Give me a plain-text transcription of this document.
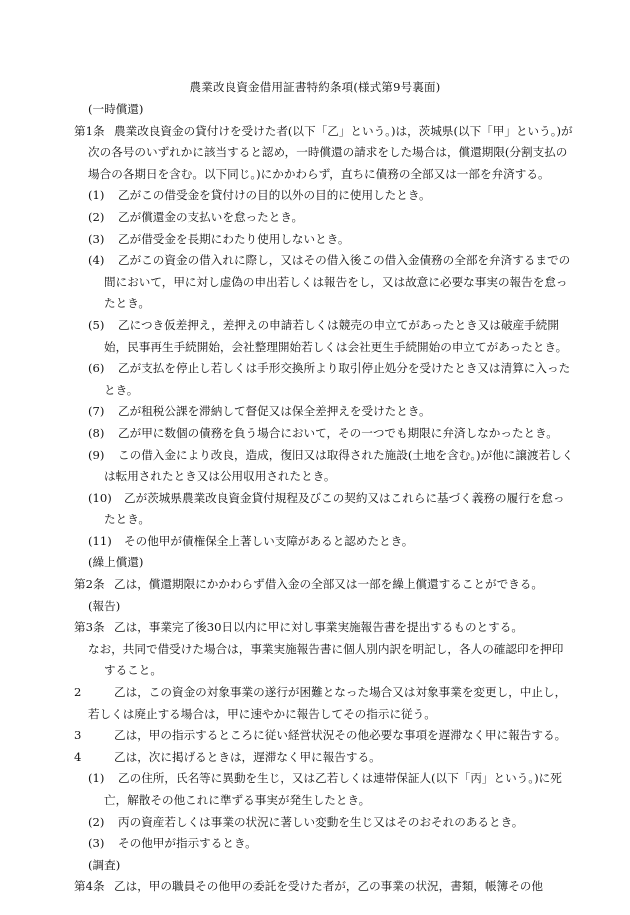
農業改良資金借用証書特約条項(様式第9号裏面)

(一時償還)

第1条 農業改良資金の貸付けを受けた者(以下「乙」という。)は，茨城県(以下「甲」という。)が次の各号のいずれかに該当すると認め，一時償還の請求をした場合は，償還期限(分割支払の場合の各期日を含む。以下同じ。)にかかわらず，直ちに債務の全部又は一部を弁済する。

(1) 乙がこの借受金を貸付けの目的以外の目的に使用したとき。

(2) 乙が償還金の支払いを怠ったとき。

(3) 乙が借受金を長期にわたり使用しないとき。

(4) 乙がこの資金の借入れに際し，又はその借入後この借入金債務の全部を弁済するまでの間において，甲に対し虚偽の申出若しくは報告をし，又は故意に必要な事実の報告を怠ったとき。

(5) 乙につき仮差押え，差押えの申請若しくは競売の申立てがあったとき又は破産手続開始，民事再生手続開始，会社整理開始若しくは会社更生手続開始の申立てがあったとき。

(6) 乙が支払を停止し若しくは手形交換所より取引停止処分を受けたとき又は清算に入ったとき。

(7) 乙が租税公課を滞納して督促又は保全差押えを受けたとき。

(8) 乙が甲に数個の債務を負う場合において，その一つでも期限に弁済しなかったとき。

(9) この借入金により改良，造成，復旧又は取得された施設(土地を含む。)が他に譲渡若しくは転用されたとき又は公用収用されたとき。

(10) 乙が茨城県農業改良資金貸付規程及びこの契約又はこれらに基づく義務の履行を怠ったとき。

(11) その他甲が債権保全上著しい支障があると認めたとき。

(繰上償還)

第2条 乙は，償還期限にかかわらず借入金の全部又は一部を繰上償還することができる。

(報告)

第3条 乙は，事業完了後30日以内に甲に対し事業実施報告書を提出するものとする。

なお，共同で借受けた場合は，事業実施報告書に個人別内訳を明記し，各人の確認印を押印すること。

2	乙は，この資金の対象事業の遂行が困難となった場合又は対象事業を変更し，中止し，若しくは廃止する場合は，甲に速やかに報告してその指示に従う。

3	乙は，甲の指示するところに従い経営状況その他必要な事項を遅滞なく甲に報告する。

4	乙は，次に掲げるときは，遅滞なく甲に報告する。

(1) 乙の住所，氏名等に異動を生じ，又は乙若しくは連帯保証人(以下「丙」という。)に死亡，解散その他これに準ずる事実が発生したとき。

(2) 丙の資産若しくは事業の状況に著しい変動を生じ又はそのおそれのあるとき。

(3) その他甲が指示するとき。

(調査)

第4条 乙は，甲の職員その他甲の委託を受けた者が，乙の事業の状況，書類，帳簿その他
